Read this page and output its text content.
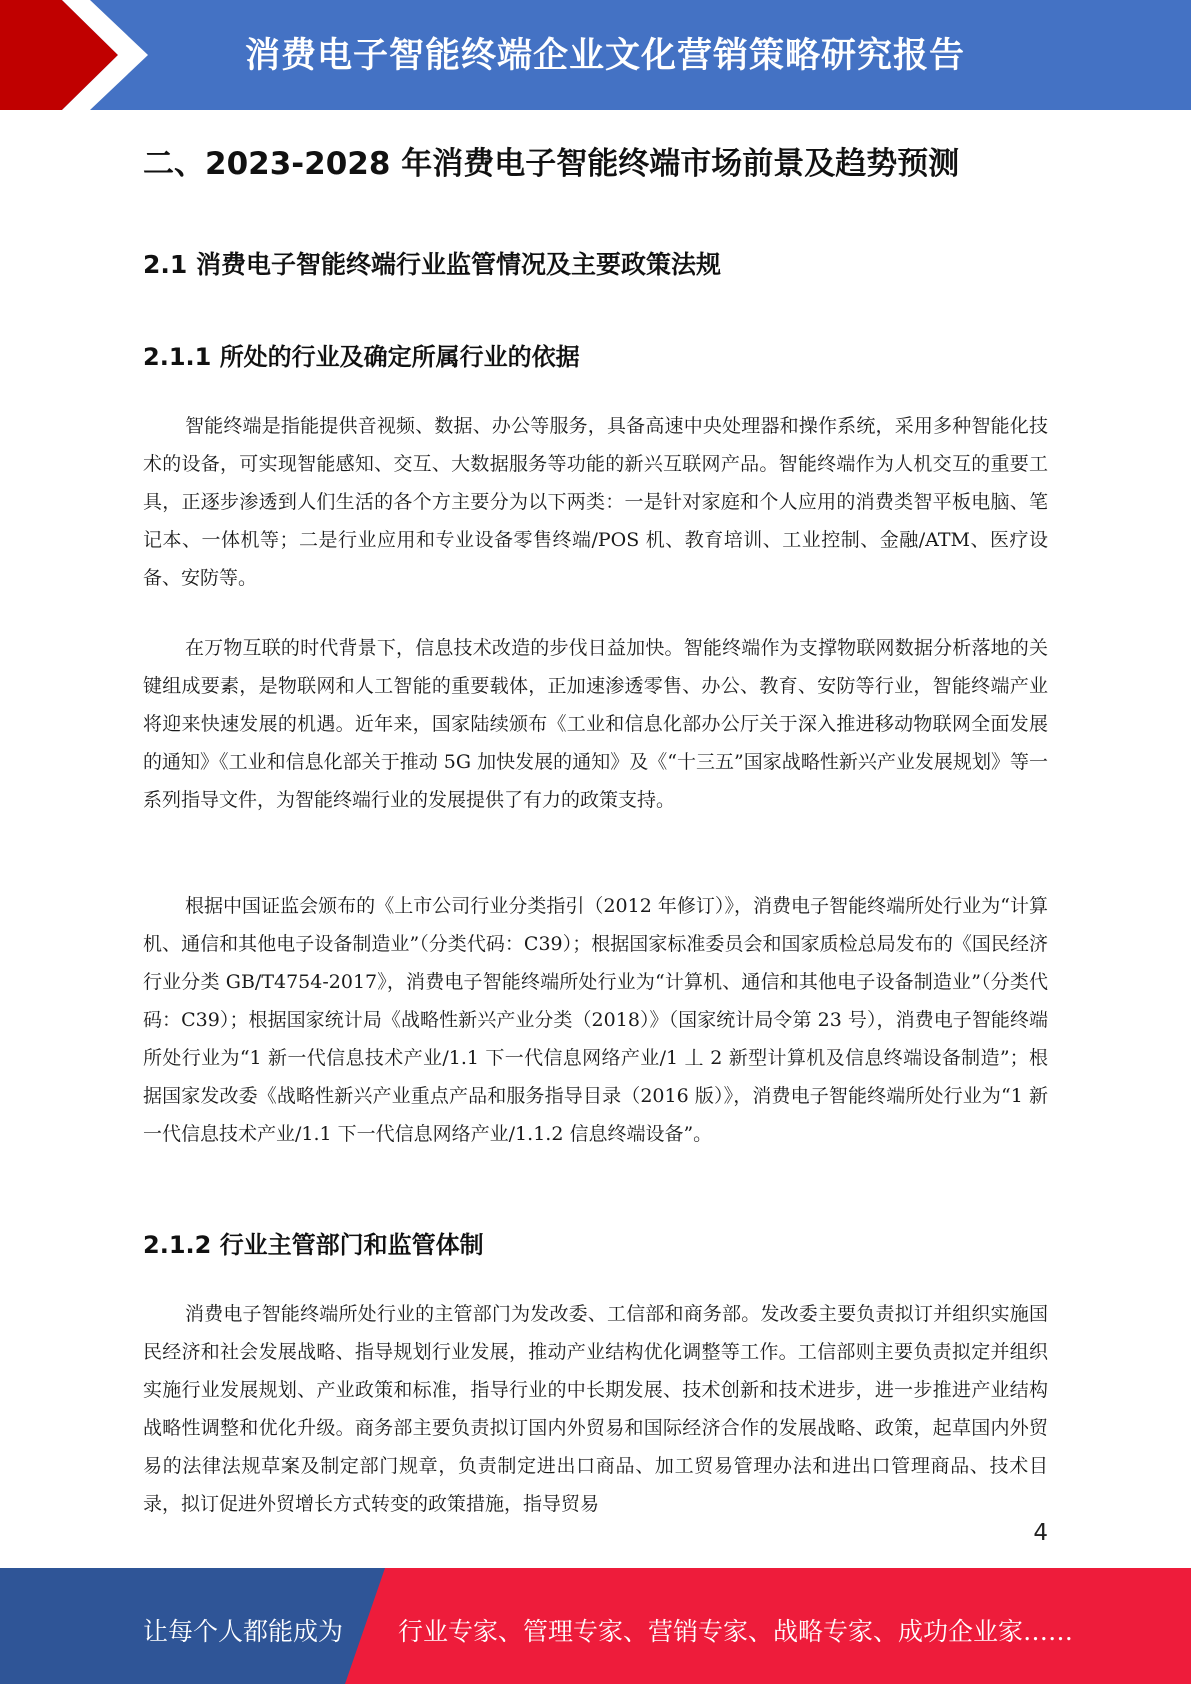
消费电子智能终端企业文化营销策略研究报告
二、2023-2028 年消费电子智能终端市场前景及趋势预测
2.1 消费电子智能终端行业监管情况及主要政策法规
2.1.1 所处的行业及确定所属行业的依据

智能终端是指能提供音视频、数据、办公等服务，具备高速中央处理器和操作系统，采用多种智能化技术的设备，可实现智能感知、交互、大数据服务等功能的新兴互联网产品。智能终端作为人机交互的重要工具，正逐步渗透到人们生活的各个方主要分为以下两类：一是针对家庭和个人应用的消费类智平板电脑、笔记本、一体机等；二是行业应用和专业设备零售终端/POS 机、教育培训、工业控制、金融/ATM、医疗设备、安防等。

在万物互联的时代背景下，信息技术改造的步伐日益加快。智能终端作为支撑物联网数据分析落地的关键组成要素，是物联网和人工智能的重要载体，正加速渗透零售、办公、教育、安防等行业，智能终端产业将迎来快速发展的机遇。近年来，国家陆续颁布《工业和信息化部办公厅关于深入推进移动物联网全面发展的通知》《工业和信息化部关于推动 5G 加快发展的通知》及《“十三五”国家战略性新兴产业发展规划》等一系列指导文件，为智能终端行业的发展提供了有力的政策支持。

根据中国证监会颁布的《上市公司行业分类指引（2012 年修订）》，消费电子智能终端所处行业为“计算机、通信和其他电子设备制造业”（分类代码：C39）；根据国家标准委员会和国家质检总局发布的《国民经济行业分类 GB/T4754-2017》，消费电子智能终端所处行业为“计算机、通信和其他电子设备制造业”（分类代码：C39）；根据国家统计局《战略性新兴产业分类（2018）》（国家统计局令第 23 号），消费电子智能终端所处行业为“1 新一代信息技术产业/1.1 下一代信息网络产业/1 丄 2 新型计算机及信息终端设备制造”；根据国家发改委《战略性新兴产业重点产品和服务指导目录（2016 版）》，消费电子智能终端所处行业为“1 新一代信息技术产业/1.1 下一代信息网络产业/1.1.2 信息终端设备”。

2.1.2 行业主管部门和监管体制

消费电子智能终端所处行业的主管部门为发改委、工信部和商务部。发改委主要负责拟订并组织实施国民经济和社会发展战略、指导规划行业发展，推动产业结构优化调整等工作。工信部则主要负责拟定并组织实施行业发展规划、产业政策和标准，指导行业的中长期发展、技术创新和技术进步，进一步推进产业结构战略性调整和优化升级。商务部主要负责拟订国内外贸易和国际经济合作的发展战略、政策，起草国内外贸易的法律法规草案及制定部门规章，负责制定进出口商品、加工贸易管理办法和进出口管理商品、技术目录，拟订促进外贸增长方式转变的政策措施，指导贸易

4
让每个人都能成为 行业专家、管理专家、营销专家、战略专家、成功企业家……
